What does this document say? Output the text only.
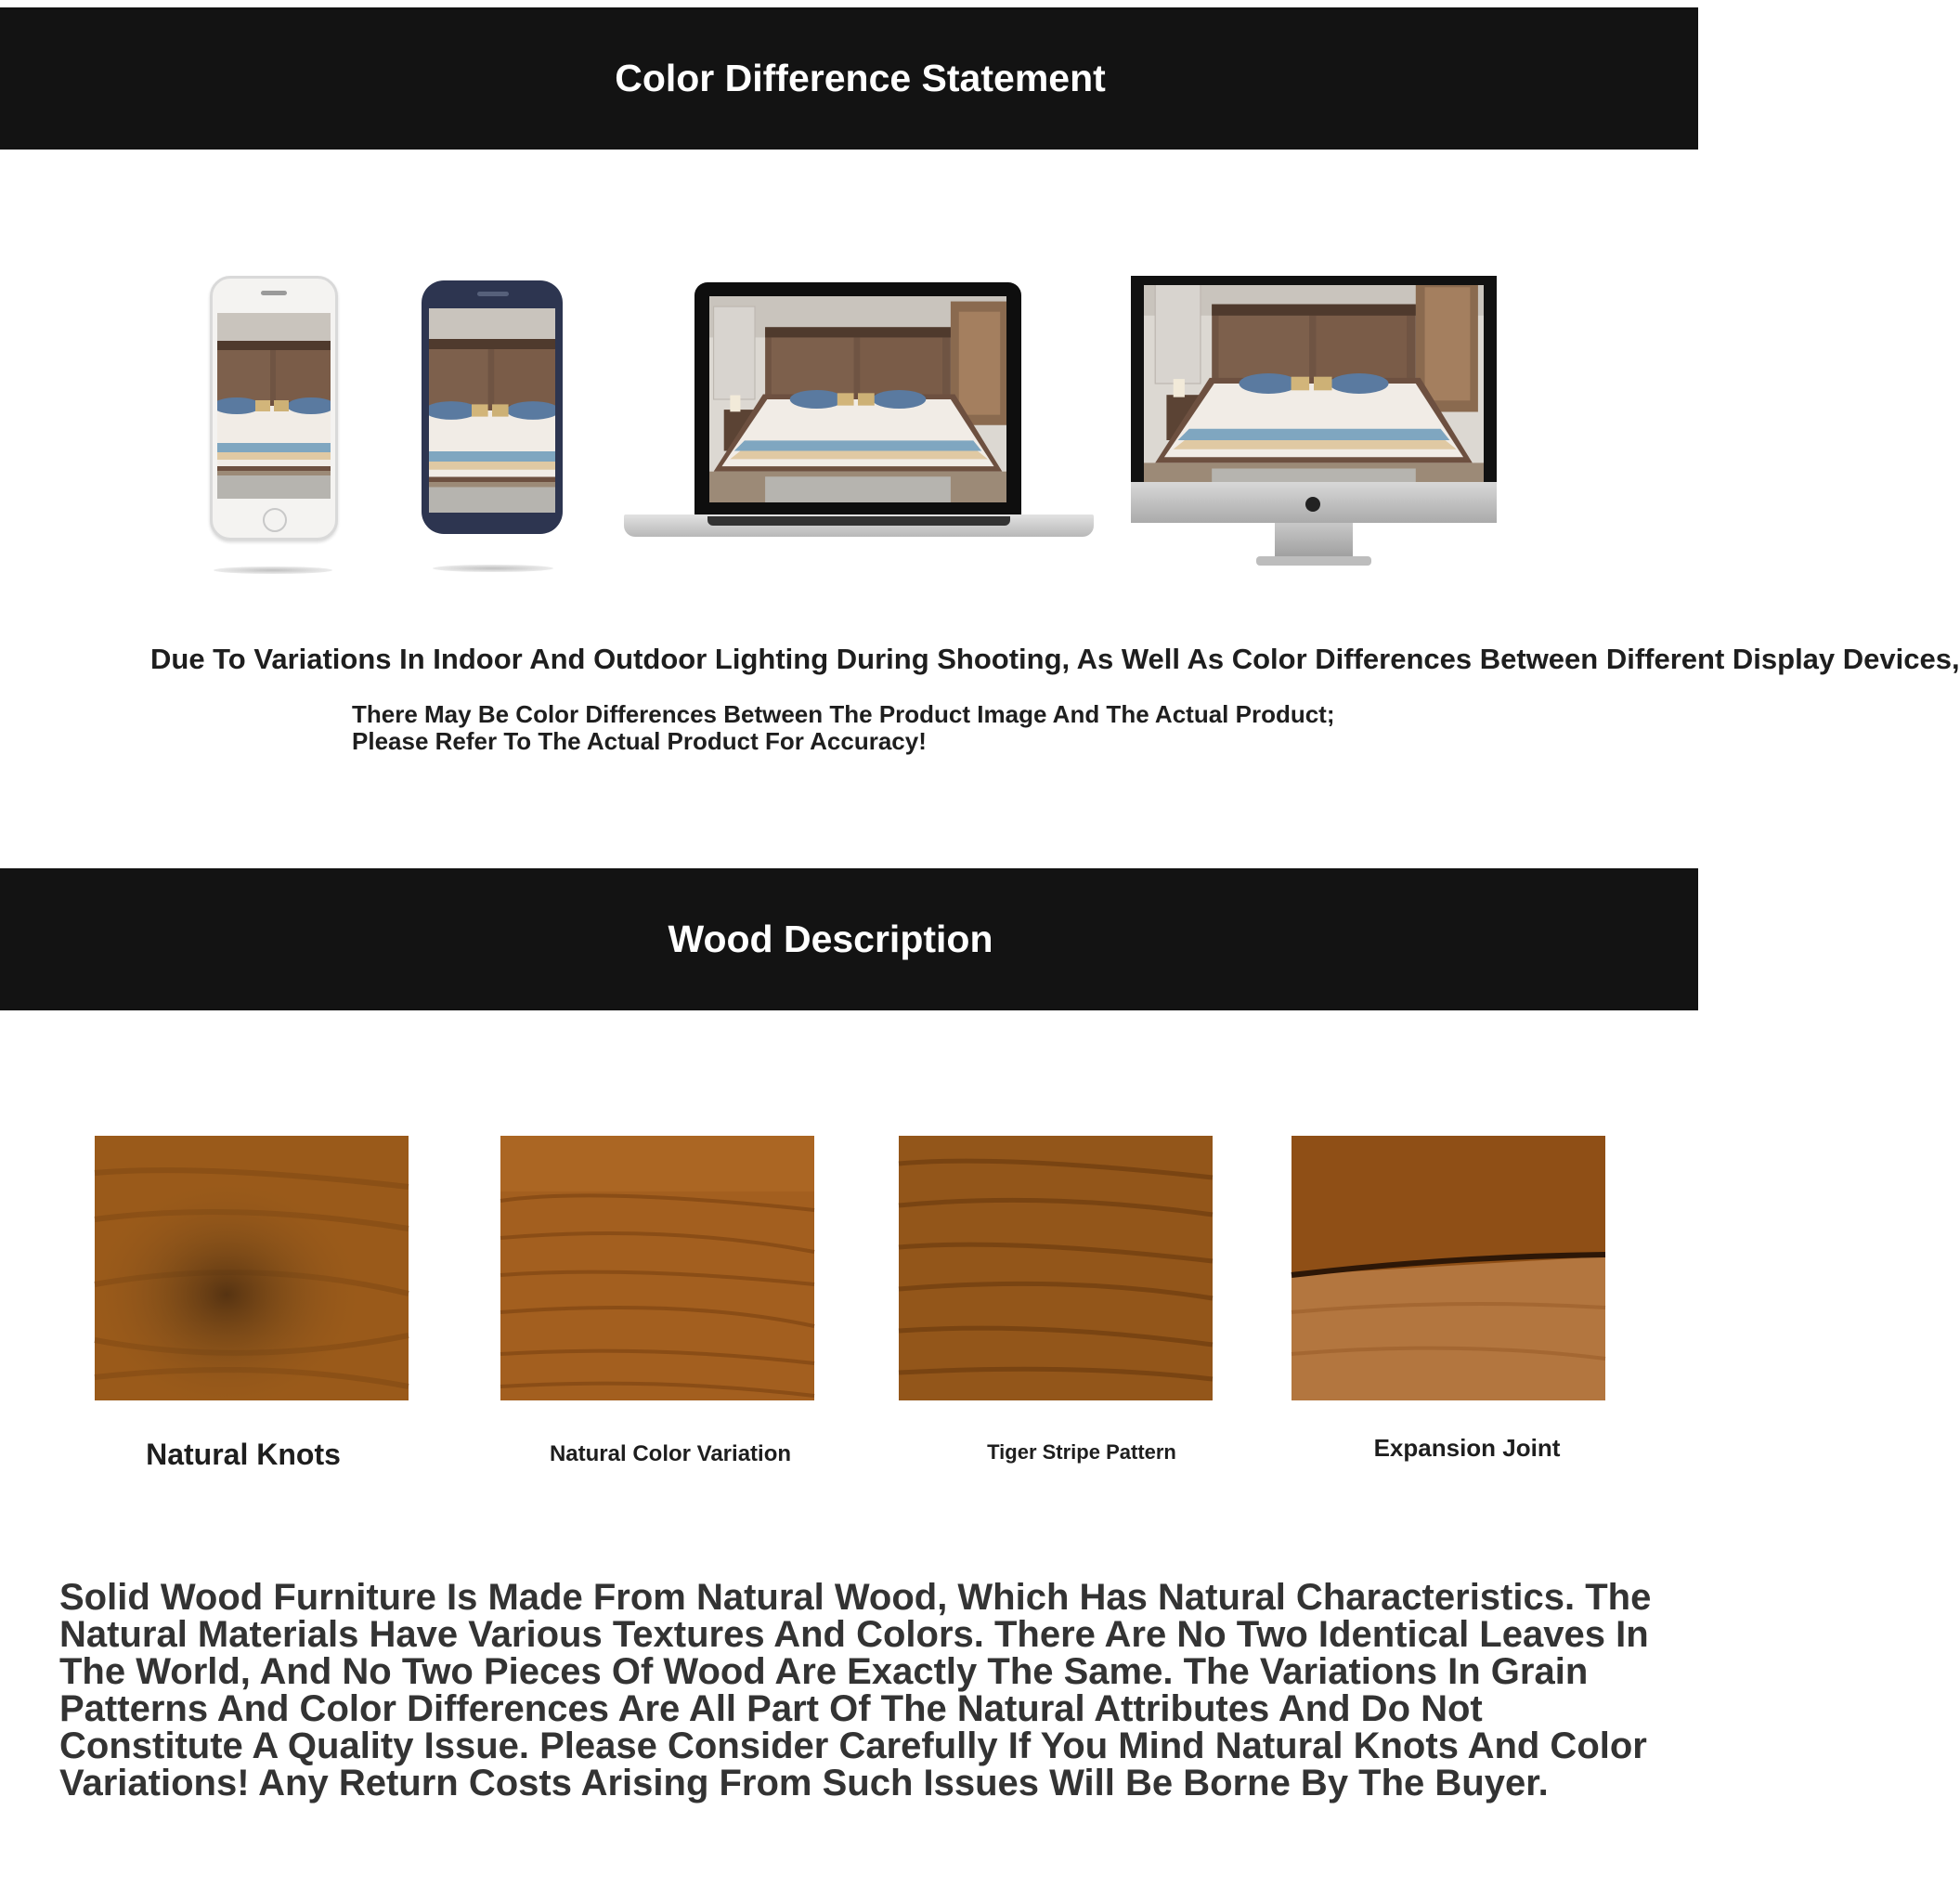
Color Difference Statement
Due To Variations In Indoor And Outdoor Lighting During Shooting, As Well As Color Differences Between Different Display Devices,
There May Be Color Differences Between The Product Image And The Actual Product;
Please Refer To The Actual Product For Accuracy!
Wood Description
Natural Knots	Natural Color Variation	Tiger Stripe Pattern	Expansion Joint

Solid Wood Furniture Is Made From Natural Wood, Which Has Natural Characteristics. The Natural Materials Have Various Textures And Colors. There Are No Two Identical Leaves In The World, And No Two Pieces Of Wood Are Exactly The Same. The Variations In Grain Patterns And Color Differences Are All Part Of The Natural Attributes And Do Not Constitute A Quality Issue. Please Consider Carefully If You Mind Natural Knots And Color Variations! Any Return Costs Arising From Such Issues Will Be Borne By The Buyer.
